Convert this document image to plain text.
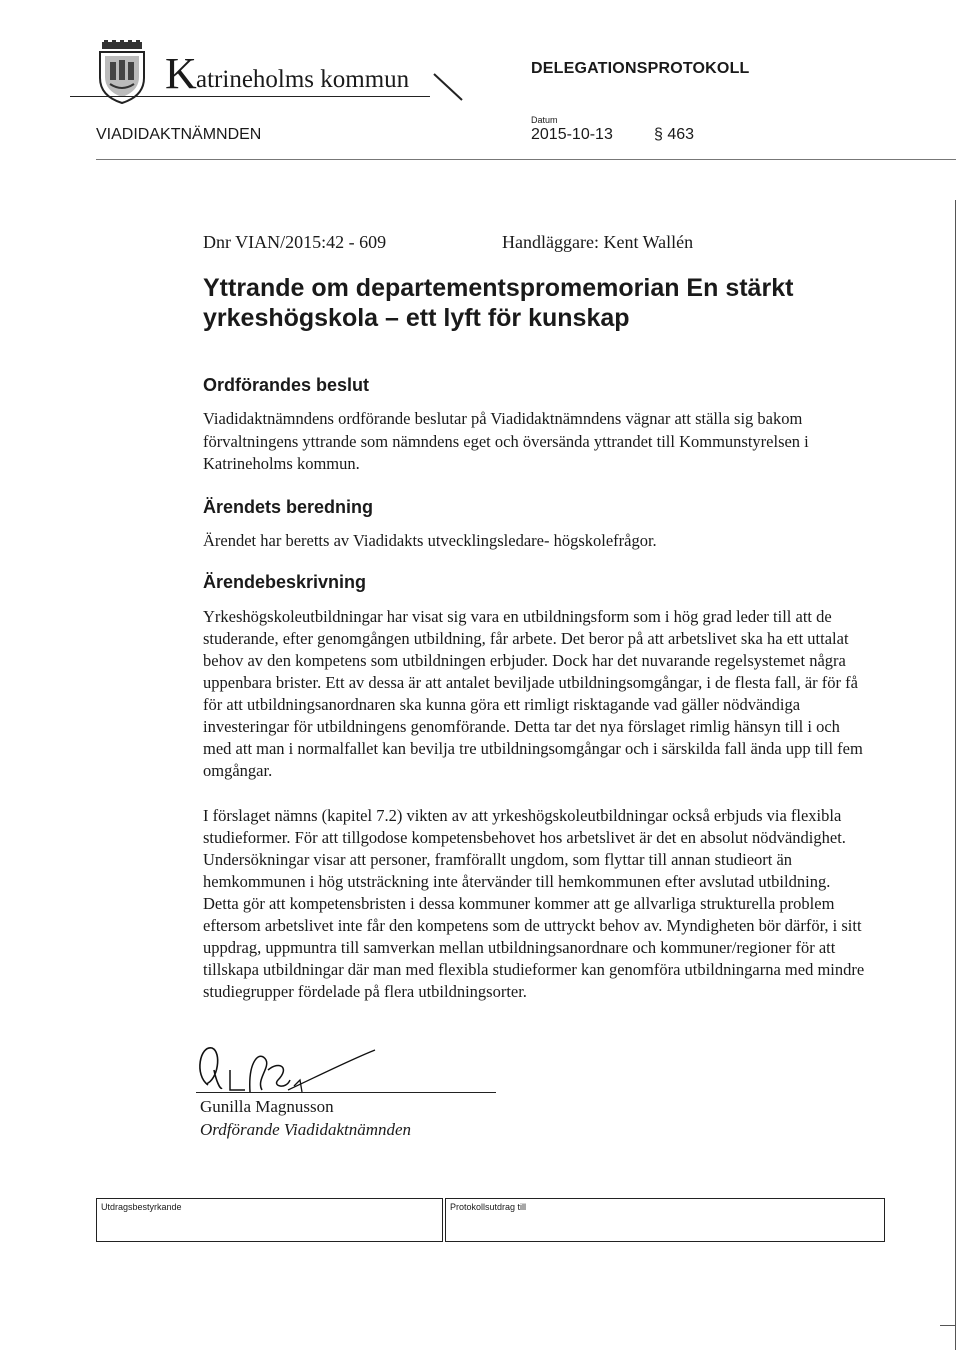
K atrineholms kommun	DELEGATIONSPROTOKOLL
VIADIDAKTNÄMNDEN
Datum
2015-10-13	§ 463
Dnr VIAN/2015:42 - 609	Handläggare: Kent Wallén
Yttrande om departementspromemorian En stärkt
yrkeshögskola – ett lyft för kunskap
Ordförandes beslut
Viadidaktnämndens ordförande beslutar på Viadidaktnämndens vägnar att ställa sig bakom förvaltningens yttrande som nämndens eget och översända yttrandet till Kommunstyrelsen i Katrineholms kommun.
Ärendets beredning
Ärendet har beretts av Viadidakts utvecklingsledare- högskolefrågor.
Ärendebeskrivning
Yrkeshögskoleutbildningar har visat sig vara en utbildningsform som i hög grad leder till att de studerande, efter genomgången utbildning, får arbete. Det beror på att arbetslivet ska ha ett uttalat behov av den kompetens som utbildningen erbjuder. Dock har det nuvarande regelsystemet några uppenbara brister. Ett av dessa är att antalet beviljade utbildningsomgångar, i de flesta fall, är för få för att utbildningsanordnaren ska kunna göra ett rimligt risktagande vad gäller nödvändiga investeringar för utbildningens genomförande. Detta tar det nya förslaget rimlig hänsyn till i och med att man i normalfallet kan bevilja tre utbildningsomgångar och i särskilda fall ända upp till fem omgångar.
I förslaget nämns (kapitel 7.2) vikten av att yrkeshögskoleutbildningar också erbjuds via flexibla studieformer. För att tillgodose kompetensbehovet hos arbetslivet är det en absolut nödvändighet. Undersökningar visar att personer, framförallt ungdom, som flyttar till annan studieort än hemkommunen i hög utsträckning inte återvänder till hemkommunen efter avslutad utbildning. Detta gör att kompetensbristen i dessa kommuner kommer att ge allvarliga strukturella problem eftersom arbetslivet inte får den kompetens som de uttryckt behov av. Myndigheten bör därför, i sitt uppdrag, uppmuntra till samverkan mellan utbildningsanordnare och kommuner/regioner för att tillskapa utbildningar där man med flexibla studieformer kan genomföra utbildningarna med mindre studiegrupper fördelade på flera utbildningsorter.
Gunilla Magnusson
Ordförande Viadidaktnämnden
Utdragsbestyrkande	Protokollsutdrag till
